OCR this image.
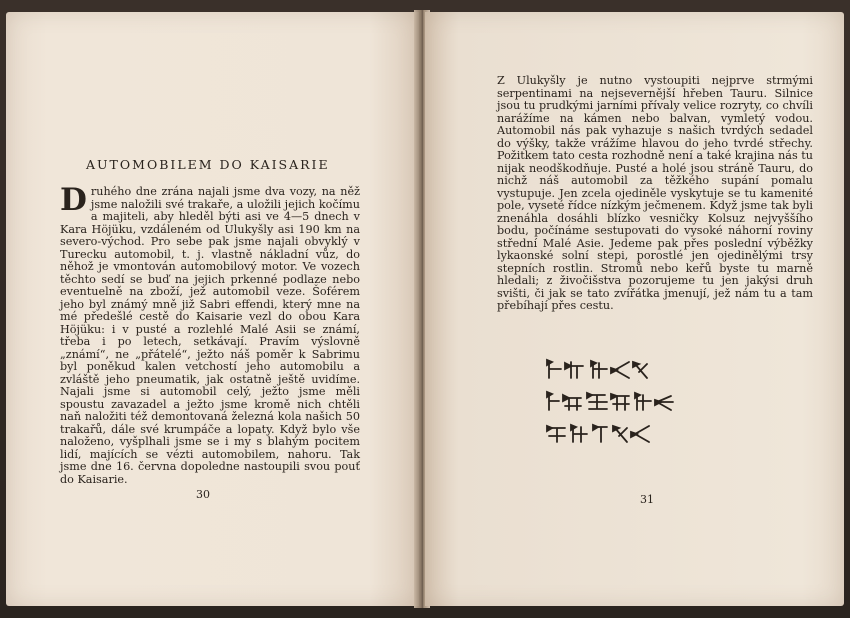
AUTOMOBILEM DO KAISARIE
Druhého dne zrána najali jsme dva vozy, na něž jsme naložili své trakaře, a uložili jejich kočímu a majiteli, aby hleděl býti asi ve 4—5 dnech v Kara Höjüku, vzdáleném od Ulukyšly asi 190 km na severo-východ. Pro sebe pak jsme najali obvyklý v Turecku automobil, t. j. vlastně nákladní vůz, do něhož je vmontován automobilový motor. Ve vozech těchto sedí se buď na jejich prkenné podlaze nebo eventuelně na zboží, jež automobil veze. Šoférem jeho byl známý mně již Sabri effendi, který mne na mé předešlé cestě do Kaisarie vezl do obou Kara Höjüku: i v pusté a rozlehlé Malé Asii se známí, třeba i po letech, setkávají. Pravím výslovně „známí“, ne „přátelé“, ježto náš poměr k Sabrimu byl poněkud kalen vetchostí jeho automobilu a zvláště jeho pneumatik, jak ostatně ještě uvidíme. Najali jsme si automobil celý, ježto jsme měli spoustu zavazadel a ježto jsme kromě nich chtěli naň naložiti též demontovaná železná kola našich 50 trakařů, dále své krumpáče a lopaty. Když bylo vše naloženo, vyšplhali jsme se i my s blahým pocitem lidí, majících se vézti automobilem, nahoru. Tak jsme dne 16. června dopoledne nastoupili svou pouť do Kaisarie.
30
Z Ulukyšly je nutno vystoupiti nejprve strmými serpentinami na nejsevernější hřeben Tauru. Silnice jsou tu prudkými jarními přívaly velice rozryty, co chvíli narážíme na kámen nebo balvan, vymletý vodou. Automobil nás pak vyhazuje s našich tvrdých sedadel do výšky, takže vrážíme hlavou do jeho tvrdé střechy. Požitkem tato cesta rozhodně není a také krajina nás tu nijak neodškodňuje. Pusté a holé jsou stráně Tauru, do nichž náš automobil za těžkého supání pomalu vystupuje. Jen zcela ojediněle vyskytuje se tu kamenité pole, vyseté řídce nízkým ječmenem. Když jsme tak byli znenáhla dosáhli blízko vesničky Kolsuz nejvyššího bodu, počínáme sestupovati do vysoké náhorní roviny střední Malé Asie. Jedeme pak přes poslední výběžky lykaonské solní stepi, porostlé jen ojedinělými trsy stepních rostlin. Stromů nebo keřů byste tu marně hledali; z živočišstva pozorujeme tu jen jakýsi druh svišti, či jak se tato zvířátka jmenují, jež nám tu a tam přebíhají přes cestu.
31
